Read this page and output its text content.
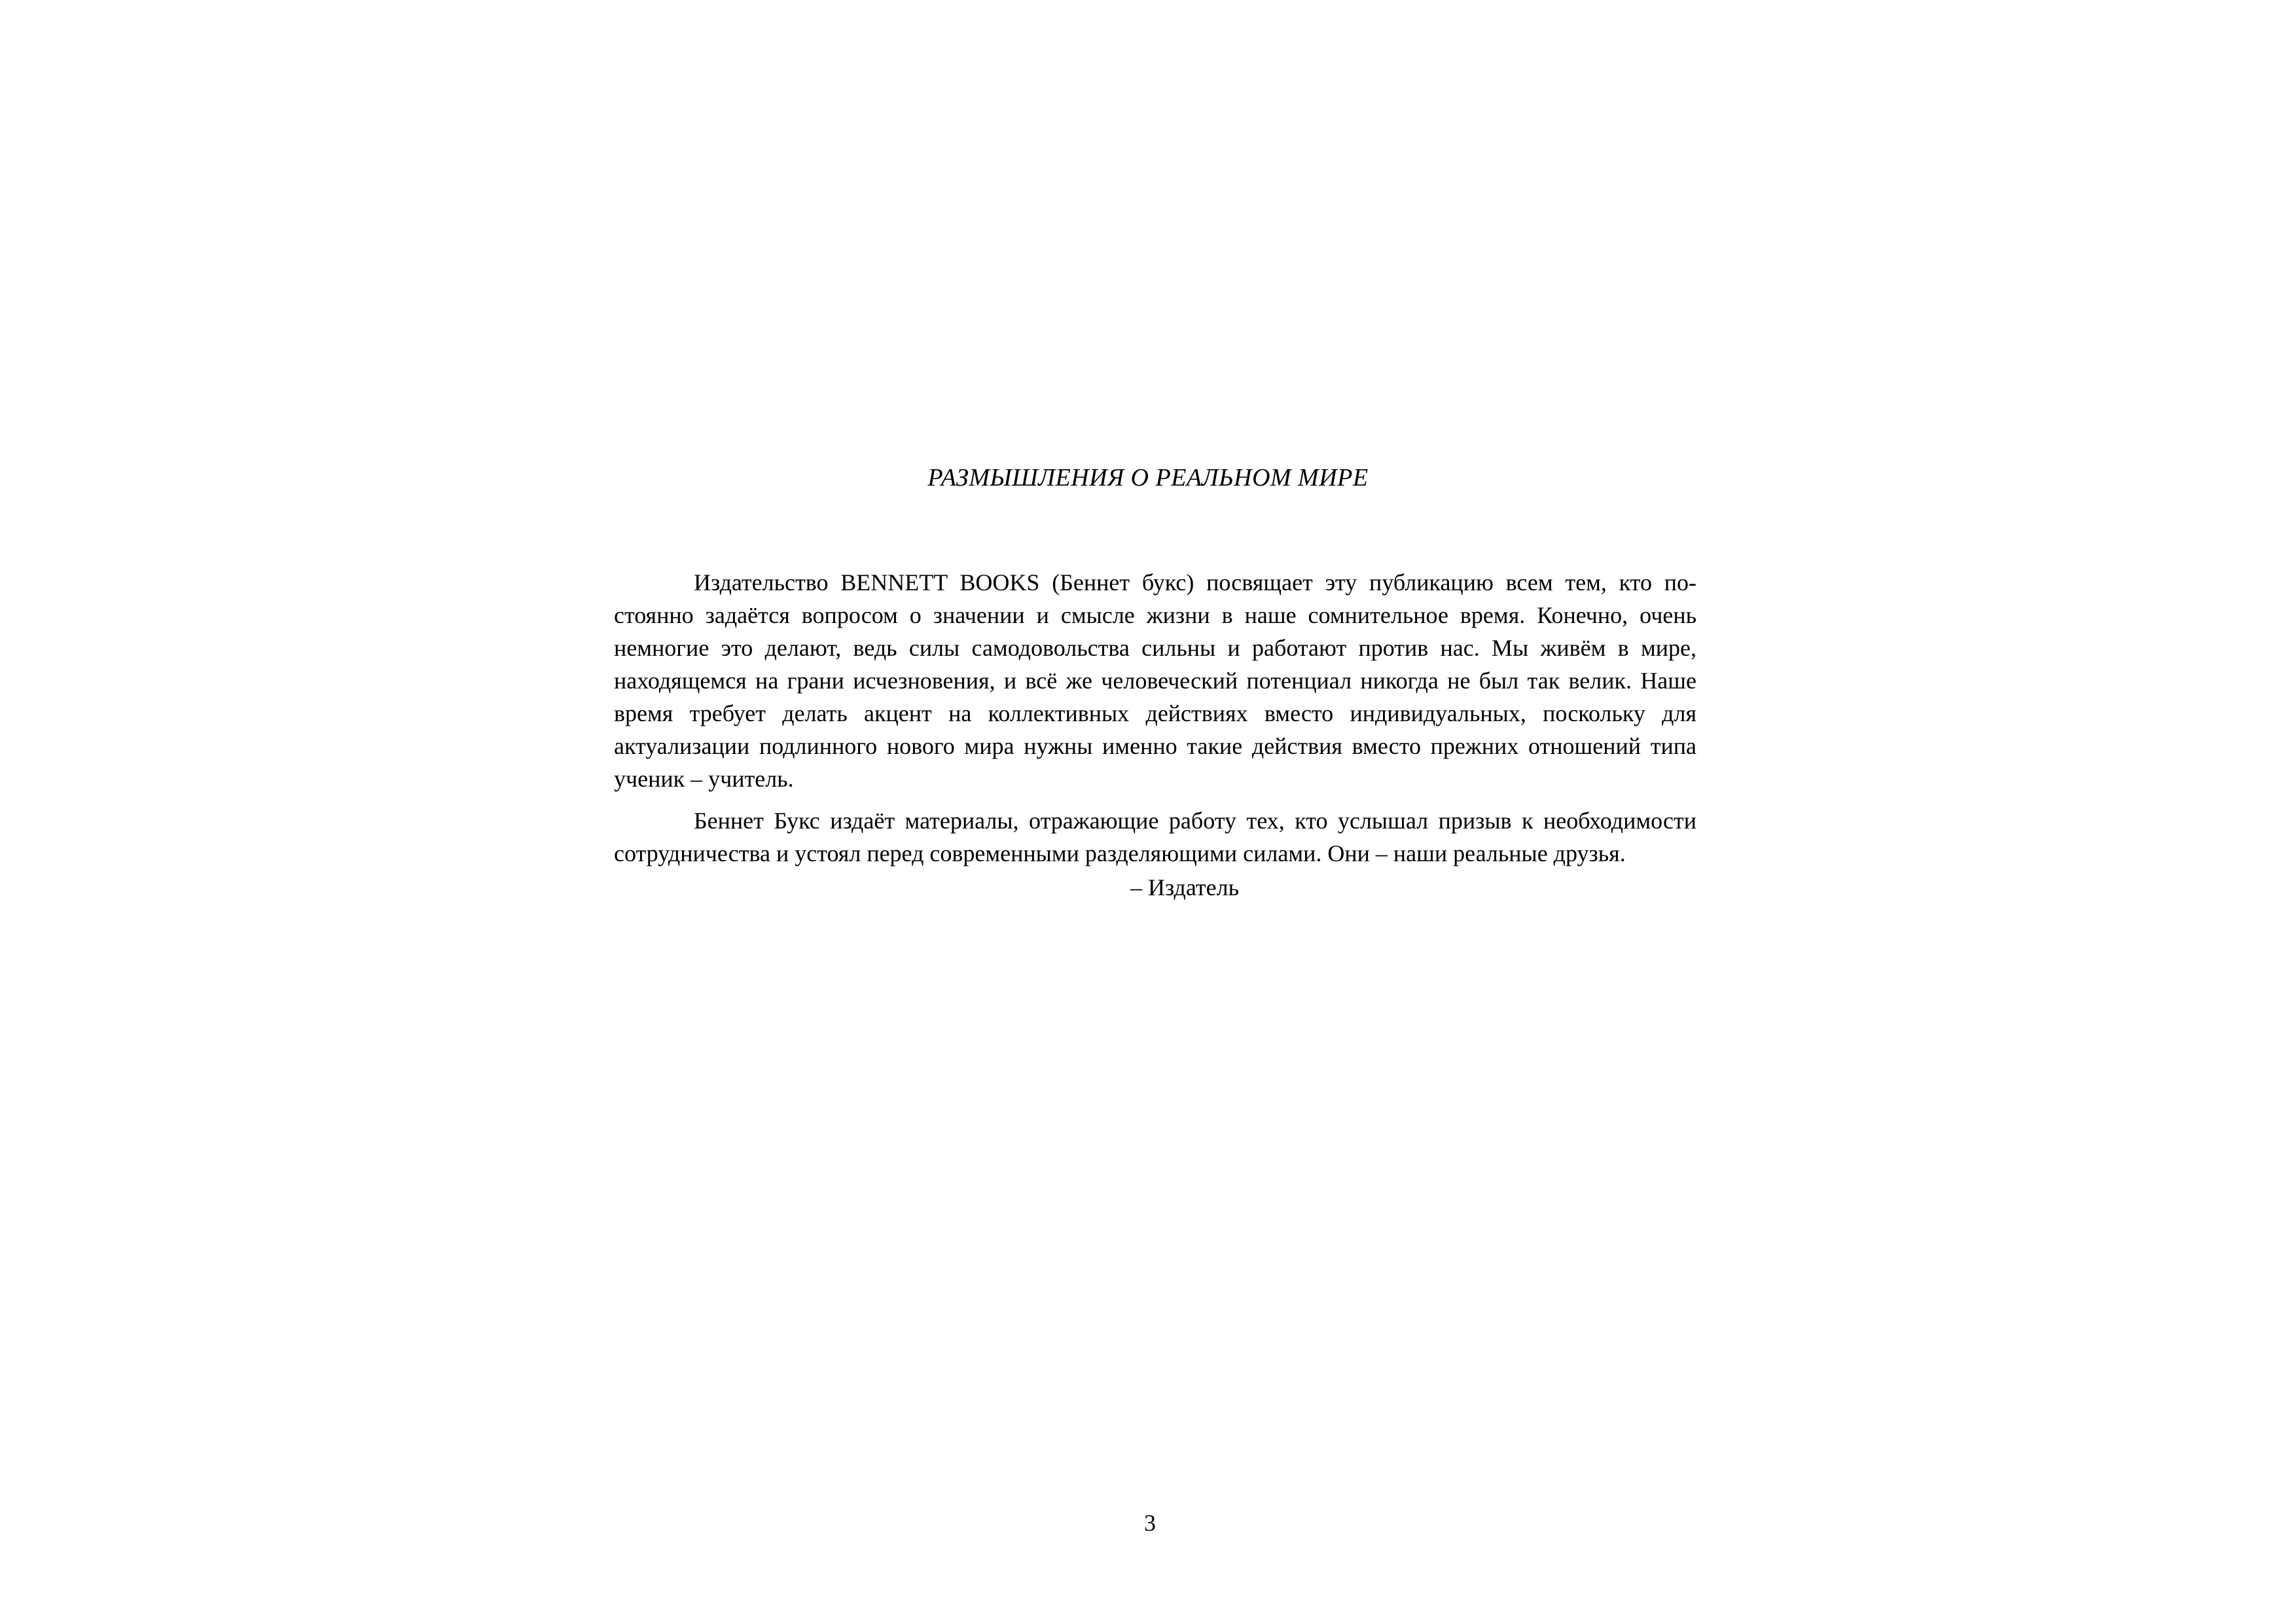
РАЗМЫШЛЕНИЯ О РЕАЛЬНОМ МИРЕ

Издательство BENNETT BOOKS (Беннет букс) посвящает эту публикацию всем тем, кто постоянно задаётся вопросом о значении и смысле жизни в наше сомнительное время. Конечно, очень немногие это делают, ведь силы самодовольства сильны и работают против нас. Мы живём в мире, находящемся на грани исчезновения, и всё же человеческий потенциал никогда не был так велик. Наше время требует делать акцент на коллективных действиях вместо индивидуальных, поскольку для актуализации подлинного нового мира нужны именно такие действия вместо прежних отношений типа ученик – учитель.

Беннет Букс издаёт материалы, отражающие работу тех, кто услышал призыв к необходимости сотрудничества и устоял перед современными разделяющими силами. Они – наши реальные друзья.

– Издатель
3
